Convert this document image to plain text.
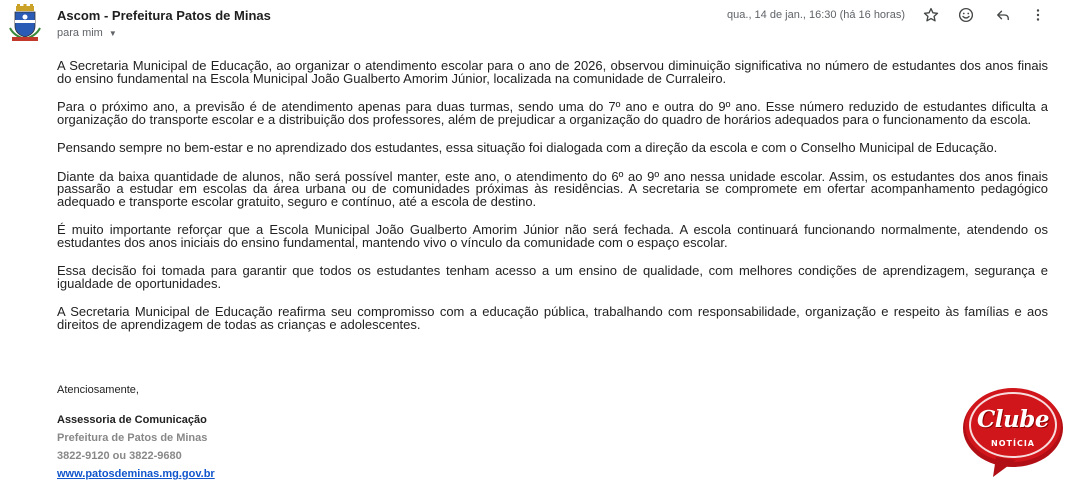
Ascom - Prefeitura Patos de Minas
para mim ▼
qua., 14 de jan., 16:30 (há 16 horas)

A Secretaria Municipal de Educação, ao organizar o atendimento escolar para o ano de 2026, observou diminuição significativa no número de estudantes dos anos finais do ensino fundamental na Escola Municipal João Gualberto Amorim Júnior, localizada na comunidade de Curraleiro.

Para o próximo ano, a previsão é de atendimento apenas para duas turmas, sendo uma do 7º ano e outra do 9º ano. Esse número reduzido de estudantes dificulta a organização do transporte escolar e a distribuição dos professores, além de prejudicar a organização do quadro de horários adequados para o funcionamento da escola.

Pensando sempre no bem-estar e no aprendizado dos estudantes, essa situação foi dialogada com a direção da escola e com o Conselho Municipal de Educação.

Diante da baixa quantidade de alunos, não será possível manter, este ano, o atendimento do 6º ao 9º ano nessa unidade escolar. Assim, os estudantes dos anos finais passarão a estudar em escolas da área urbana ou de comunidades próximas às residências. A secretaria se compromete em ofertar acompanhamento pedagógico adequado e transporte escolar gratuito, seguro e contínuo, até a escola de destino.

É muito importante reforçar que a Escola Municipal João Gualberto Amorim Júnior não será fechada. A escola continuará funcionando normalmente, atendendo os estudantes dos anos iniciais do ensino fundamental, mantendo vivo o vínculo da comunidade com o espaço escolar.

Essa decisão foi tomada para garantir que todos os estudantes tenham acesso a um ensino de qualidade, com melhores condições de aprendizagem, segurança e igualdade de oportunidades.

A Secretaria Municipal de Educação reafirma seu compromisso com a educação pública, trabalhando com responsabilidade, organização e respeito às famílias e aos direitos de aprendizagem de todas as crianças e adolescentes.

Atenciosamente,
Assessoria de Comunicação
Prefeitura de Patos de Minas
3822-9120 ou 3822-9680
www.patosdeminas.mg.gov.br
Clube
NOTÍCIA
